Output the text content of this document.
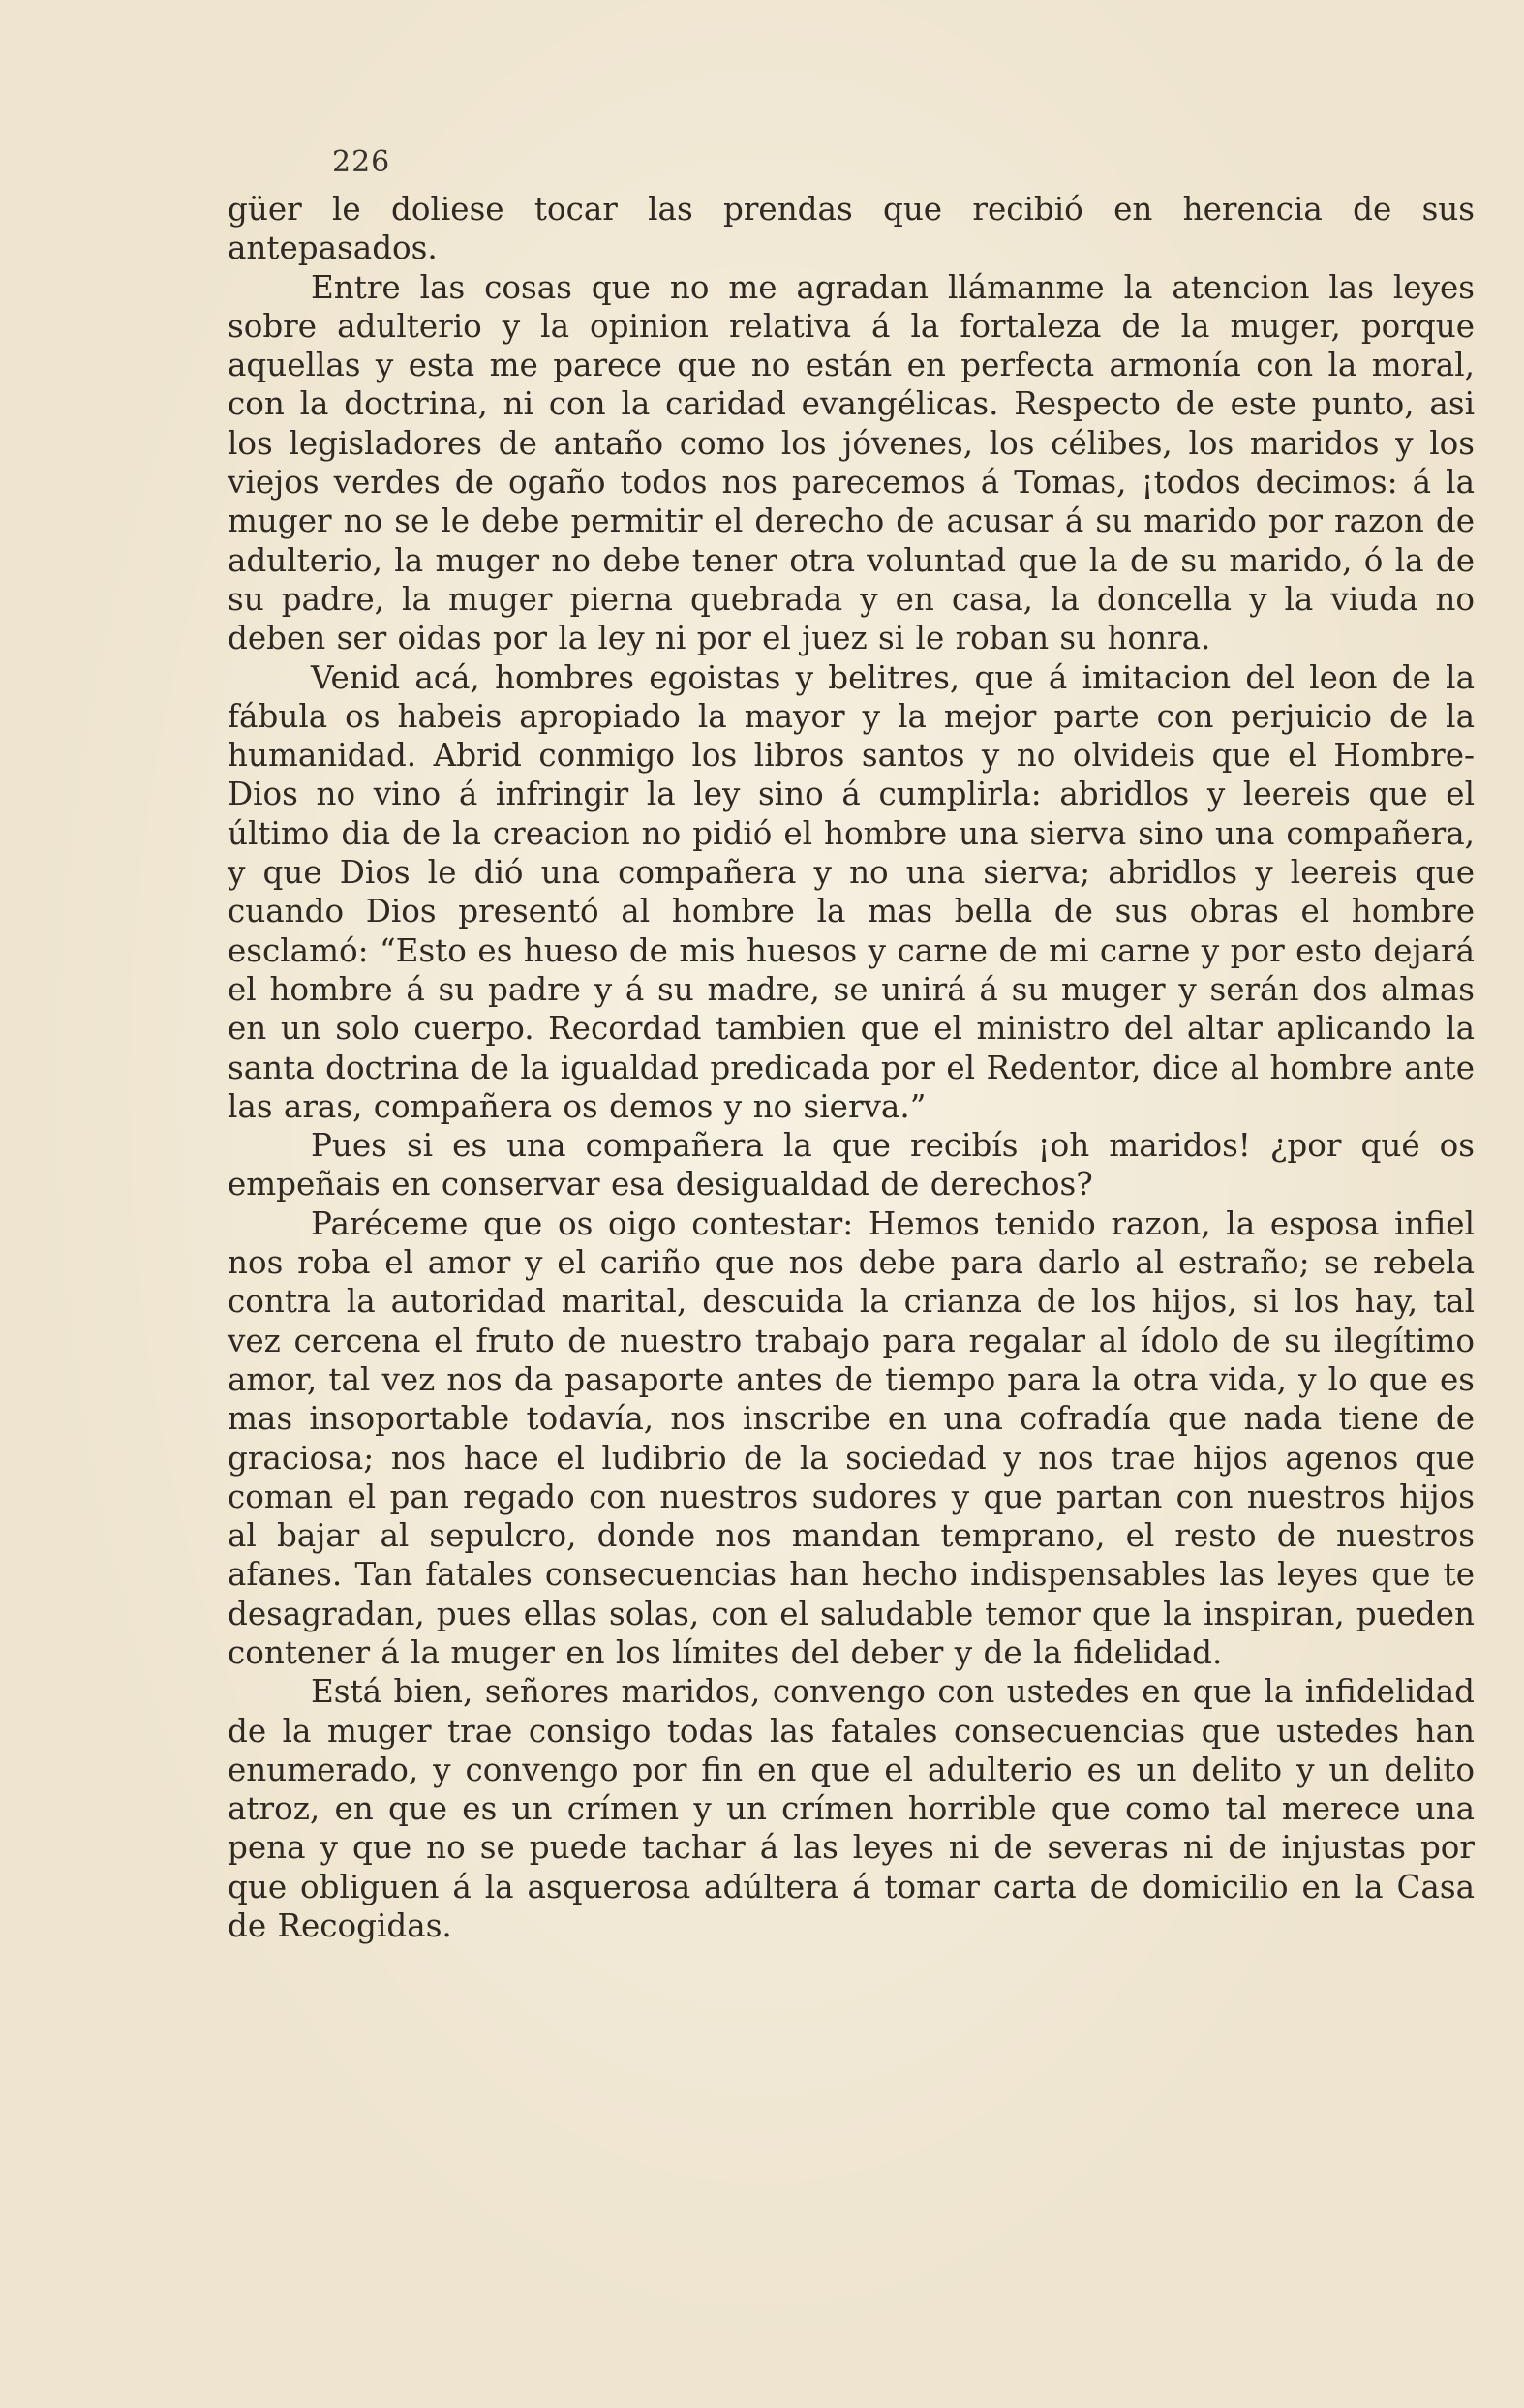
226

güer le doliese tocar las prendas que recibió en herencia de sus antepasados.

Entre las cosas que no me agradan llámanme la atencion las leyes sobre adulterio y la opinion relativa á la fortaleza de la muger, porque aquellas y esta me parece que no están en perfecta armonía con la moral, con la doctrina, ni con la caridad evangélicas. Respecto de este punto, asi los legisladores de antaño como los jóvenes, los célibes, los maridos y los viejos verdes de ogaño todos nos parecemos á Tomas, ¡todos decimos: á la muger no se le debe permitir el derecho de acusar á su marido por razon de adulterio, la muger no debe tener otra voluntad que la de su marido, ó la de su padre, la muger pierna quebrada y en casa, la doncella y la viuda no deben ser oidas por la ley ni por el juez si le roban su honra.

Venid acá, hombres egoistas y belitres, que á imitacion del leon de la fábula os habeis apropiado la mayor y la mejor parte con perjuicio de la humanidad. Abrid conmigo los libros santos y no olvideis que el Hombre-Dios no vino á infringir la ley sino á cumplirla: abridlos y leereis que el último dia de la creacion no pidió el hombre una sierva sino una compañera, y que Dios le dió una compañera y no una sierva; abridlos y leereis que cuando Dios presentó al hombre la mas bella de sus obras el hombre esclamó: “Esto es hueso de mis huesos y carne de mi carne y por esto dejará el hombre á su padre y á su madre, se unirá á su muger y serán dos almas en un solo cuerpo. Recordad tambien que el ministro del altar aplicando la santa doctrina de la igualdad predicada por el Redentor, dice al hombre ante las aras, compañera os demos y no sierva.”

Pues si es una compañera la que recibís ¡oh maridos! ¿por qué os empeñais en conservar esa desigualdad de derechos?

Paréceme que os oigo contestar: Hemos tenido razon, la esposa infiel nos roba el amor y el cariño que nos debe para darlo al estraño; se rebela contra la autoridad marital, descuida la crianza de los hijos, si los hay, tal vez cercena el fruto de nuestro trabajo para regalar al ídolo de su ilegítimo amor, tal vez nos da pasaporte antes de tiempo para la otra vida, y lo que es mas insoportable todavía, nos inscribe en una cofradía que nada tiene de graciosa; nos hace el ludibrio de la sociedad y nos trae hijos agenos que coman el pan regado con nuestros sudores y que partan con nuestros hijos al bajar al sepulcro, donde nos mandan temprano, el resto de nuestros afanes. Tan fatales consecuencias han hecho indispensables las leyes que te desagradan, pues ellas solas, con el saludable temor que la inspiran, pueden contener á la muger en los límites del deber y de la fidelidad.

Está bien, señores maridos, convengo con ustedes en que la infidelidad de la muger trae consigo todas las fatales consecuencias que ustedes han enumerado, y convengo por fin en que el adulterio es un delito y un delito atroz, en que es un crímen y un crímen horrible que como tal merece una pena y que no se puede tachar á las leyes ni de severas ni de injustas por que obliguen á la asquerosa adúltera á tomar carta de domicilio en la Casa de Recogidas.
